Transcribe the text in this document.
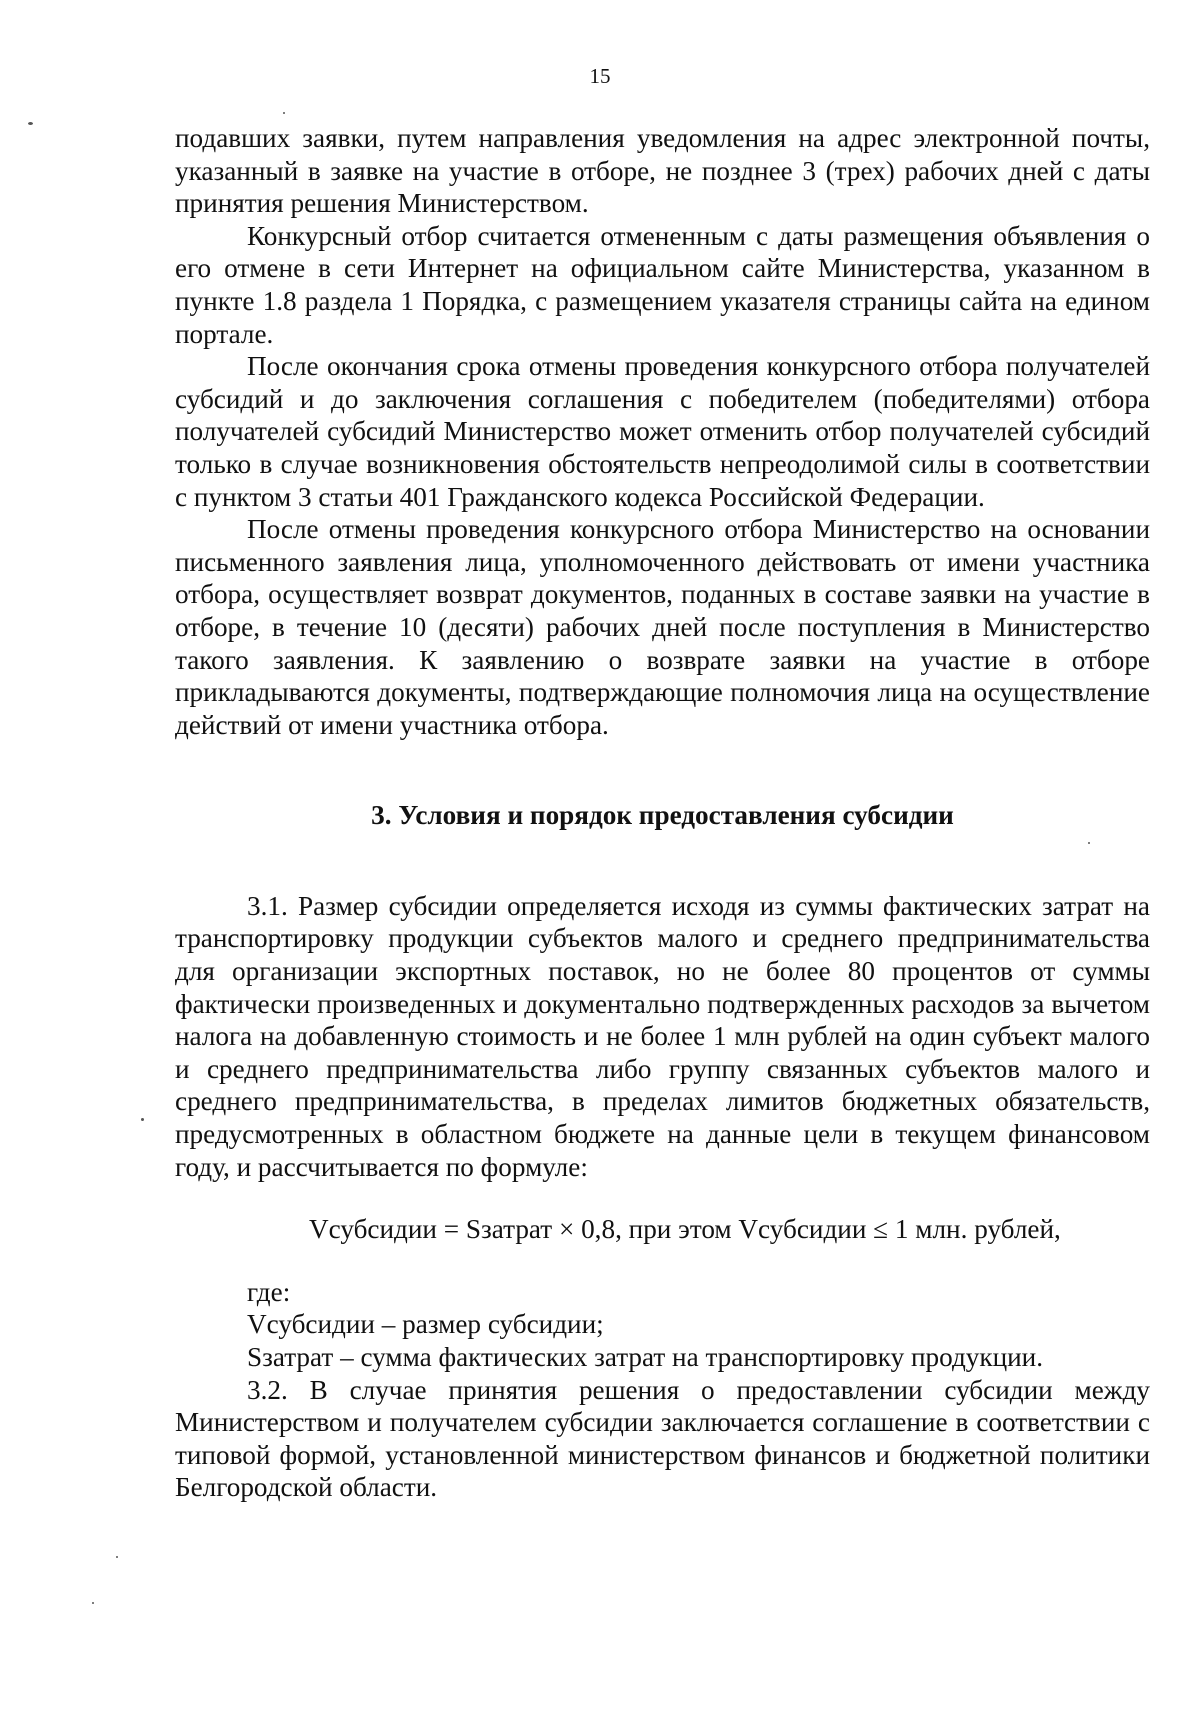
15

подавших заявки, путем направления уведомления на адрес электронной почты, указанный в заявке на участие в отборе, не позднее 3 (трех) рабочих дней с даты принятия решения Министерством.

Конкурсный отбор считается отмененным с даты размещения объявления о его отмене в сети Интернет на официальном сайте Министерства, указанном в пункте 1.8 раздела 1 Порядка, с размещением указателя страницы сайта на едином портале.

После окончания срока отмены проведения конкурсного отбора получателей субсидий и до заключения соглашения с победителем (победителями) отбора получателей субсидий Министерство может отменить отбор получателей субсидий только в случае возникновения обстоятельств непреодолимой силы в соответствии с пунктом 3 статьи 401 Гражданского кодекса Российской Федерации.

После отмены проведения конкурсного отбора Министерство на основании письменного заявления лица, уполномоченного действовать от имени участника отбора, осуществляет возврат документов, поданных в составе заявки на участие в отборе, в течение 10 (десяти) рабочих дней после поступления в Министерство такого заявления. К заявлению о возврате заявки на участие в отборе прикладываются документы, подтверждающие полномочия лица на осуществление действий от имени участника отбора.

3. Условия и порядок предоставления субсидии

3.1. Размер субсидии определяется исходя из суммы фактических затрат на транспортировку продукции субъектов малого и среднего предпринимательства для организации экспортных поставок, но не более 80 процентов от суммы фактически произведенных и документально подтвержденных расходов за вычетом налога на добавленную стоимость и не более 1 млн рублей на один субъект малого и среднего предпринимательства либо группу связанных субъектов малого и среднего предпринимательства, в пределах лимитов бюджетных обязательств, предусмотренных в областном бюджете на данные цели в текущем финансовом году, и рассчитывается по формуле:

Vсубсидии = Sзатрат × 0,8, при этом Vсубсидии ≤ 1 млн. рублей,

где:

Vсубсидии – размер субсидии;

Sзатрат – сумма фактических затрат на транспортировку продукции.

3.2. В случае принятия решения о предоставлении субсидии между Министерством и получателем субсидии заключается соглашение в соответствии с типовой формой, установленной министерством финансов и бюджетной политики Белгородской области.
